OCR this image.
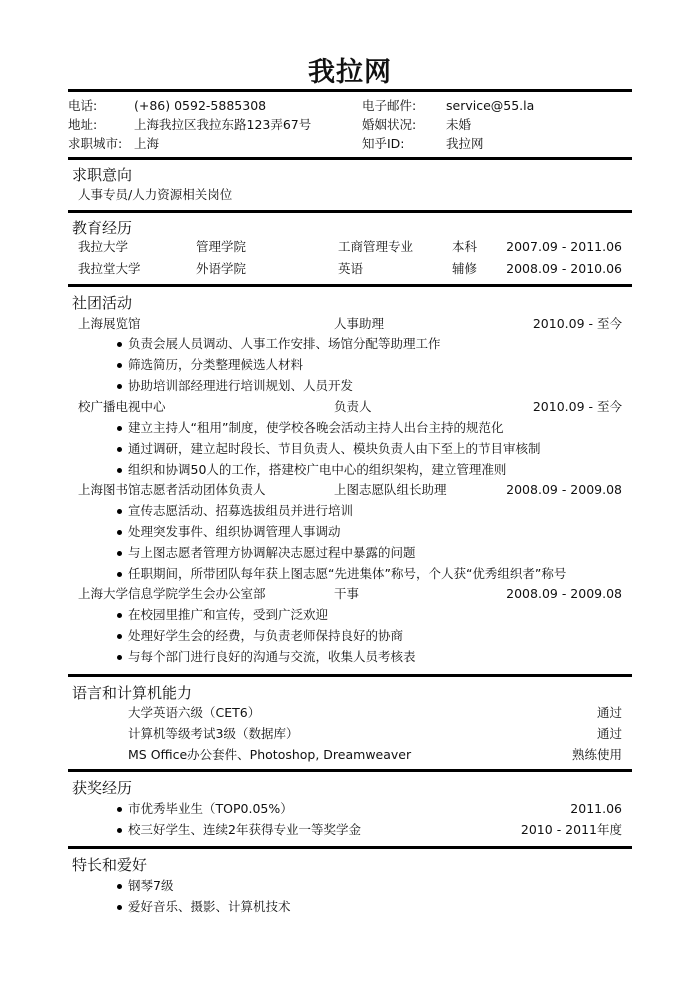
我拉网
电话:	(+86) 0592-5885308	电子邮件: service@55.la
地址:	上海我拉区我拉东路123弄67号	婚姻状况: 未婚
求职城市: 上海	知乎ID:	我拉网
求职意向
人事专员/人力资源相关岗位
教育经历
我拉大学	管理学院	工商管理专业	本科	2007.09 - 2011.06
我拉堂大学	外语学院	英语	辅修	2008.09 - 2010.06
社团活动
上海展览馆	人事助理	2010.09 - 至今
负责会展人员调动、人事工作安排、场馆分配等助理工作
筛选简历，分类整理候选人材料
协助培训部经理进行培训规划、人员开发
校广播电视中心	负责人	2010.09 - 至今
建立主持人“租用”制度，使学校各晚会活动主持人出台主持的规范化
通过调研，建立起时段长、节目负责人、模块负责人由下至上的节目审核制
组织和协调50人的工作，搭建校广电中心的组织架构，建立管理准则
上海图书馆志愿者活动团体负责人	上图志愿队组长助理	2008.09 - 2009.08
宣传志愿活动、招募选拔组员并进行培训
处理突发事件、组织协调管理人事调动
与上图志愿者管理方协调解决志愿过程中暴露的问题
任职期间，所带团队每年获上图志愿“先进集体”称号，个人获“优秀组织者”称号
上海大学信息学院学生会办公室部	干事	2008.09 - 2009.08
在校园里推广和宣传，受到广泛欢迎
处理好学生会的经费，与负责老师保持良好的协商
与每个部门进行良好的沟通与交流，收集人员考核表
语言和计算机能力
大学英语六级（CET6）	通过
计算机等级考试3级（数据库）	通过
MS Office办公套件、Photoshop, Dreamweaver	熟练使用
获奖经历
市优秀毕业生（TOP0.05%）	2011.06
校三好学生、连续2年获得专业一等奖学金	2010 - 2011年度
特长和爱好
钢琴7级
爱好音乐、摄影、计算机技术
